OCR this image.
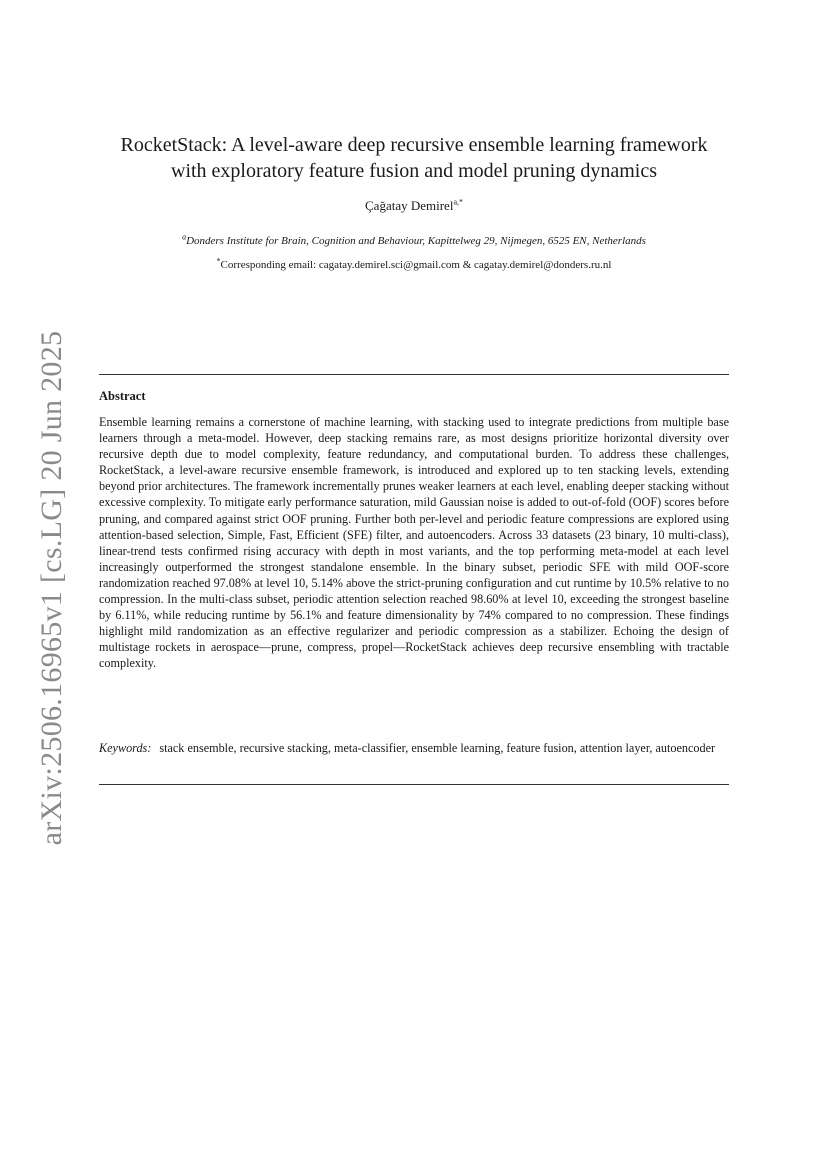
arXiv:2506.16965v1 [cs.LG] 20 Jun 2025
RocketStack: A level-aware deep recursive ensemble learning framework
with exploratory feature fusion and model pruning dynamics
Çağatay Demirel$^{a,*}$
$^a$Donders Institute for Brain, Cognition and Behaviour, Kapittelweg 29, Nijmegen, 6525 EN, Netherlands
*Corresponding email: cagatay.demirel.sci@gmail.com & cagatay.demirel@donders.ru.nl
Abstract

Ensemble learning remains a cornerstone of machine learning, with stacking used to integrate predictions from multiple base learners through a meta-model. However, deep stacking remains rare, as most designs prioritize horizontal diversity over recursive depth due to model complexity, feature redundancy, and computational burden. To address these challenges, RocketStack, a level-aware recursive ensemble framework, is introduced and explored up to ten stacking levels, extending beyond prior architectures. The framework incrementally prunes weaker learners at each level, enabling deeper stacking without excessive complexity. To mitigate early performance saturation, mild Gaussian noise is added to out-of-fold (OOF) scores before pruning, and compared against strict OOF pruning. Further both per-level and periodic feature compressions are explored using attention-based selection, Simple, Fast, Efficient (SFE) filter, and autoencoders. Across 33 datasets (23 binary, 10 multi-class), linear-trend tests confirmed rising accuracy with depth in most variants, and the top performing meta-model at each level increasingly outperformed the strongest standalone ensemble. In the binary subset, periodic SFE with mild OOF-score randomization reached 97.08% at level 10, 5.14% above the strict-pruning configuration and cut runtime by 10.5% relative to no compression. In the multi-class subset, periodic attention selection reached 98.60% at level 10, exceeding the strongest baseline by 6.11%, while reducing runtime by 56.1% and feature dimensionality by 74% compared to no compression. These findings highlight mild randomization as an effective regularizer and periodic compression as a stabilizer. Echoing the design of multistage rockets in aerospace—prune, compress, propel—RocketStack achieves deep recursive ensembling with tractable complexity.

Keywords: stack ensemble, recursive stacking, meta-classifier, ensemble learning, feature fusion, attention layer, autoencoder
